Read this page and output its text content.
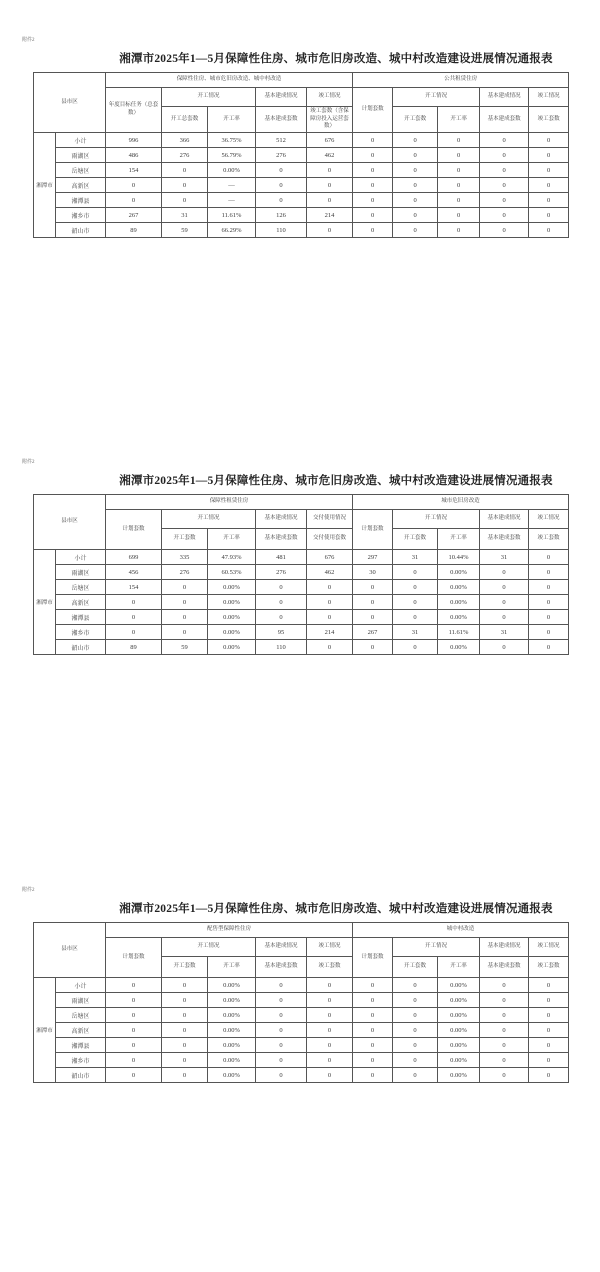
附件2
湘潭市2025年1—5月保障性住房、城市危旧房改造、城中村改造建设进展情况通报表
县市区		保障性住房、城市危旧房改造、城中村改造					公共租赁住房				
		年度目标任务（总套数）	开工情况		基本建成情况	竣工情况	计划套数	开工情况		基本建成情况	竣工情况
			开工总套数	开工率	基本建成套数	竣工套数（含保障房投入运营套数）		开工套数	开工率	基本建成套数	竣工套数
湘潭市	小计	996	366	36.75%	512	676	0	0	0	0	0
	雨湖区	486	276	56.79%	276	462	0	0	0	0	0
	岳塘区	154	0	0.00%	0	0	0	0	0	0	0
	高新区	0	0	—	0	0	0	0	0	0	0
	湘潭县	0	0	—	0	0	0	0	0	0	0
	湘乡市	267	31	11.61%	126	214	0	0	0	0	0
	韶山市	89	59	66.29%	110	0	0	0	0	0	0
附件2
湘潭市2025年1—5月保障性住房、城市危旧房改造、城中村改造建设进展情况通报表
县市区		保障性租赁住房					城市危旧房改造				
		计划套数	开工情况		基本建成情况	交付使用情况	计划套数	开工情况		基本建成情况	竣工情况
			开工套数	开工率	基本建成套数	交付使用套数		开工套数	开工率	基本建成套数	竣工套数
湘潭市	小计	699	335	47.93%	481	676	297	31	10.44%	31	0
	雨湖区	456	276	60.53%	276	462	30	0	0.00%	0	0
	岳塘区	154	0	0.00%	0	0	0	0	0.00%	0	0
	高新区	0	0	0.00%	0	0	0	0	0.00%	0	0
	湘潭县	0	0	0.00%	0	0	0	0	0.00%	0	0
	湘乡市	0	0	0.00%	95	214	267	31	11.61%	31	0
	韶山市	89	59	0.00%	110	0	0	0	0.00%	0	0
附件2
湘潭市2025年1—5月保障性住房、城市危旧房改造、城中村改造建设进展情况通报表
县市区		配售型保障性住房					城中村改造				
		计划套数	开工情况		基本建成情况	竣工情况	计划套数	开工情况		基本建成情况	竣工情况
			开工套数	开工率	基本建成套数	竣工套数		开工套数	开工率	基本建成套数	竣工套数
湘潭市	小计	0	0	0.00%	0	0	0	0	0.00%	0	0
	雨湖区	0	0	0.00%	0	0	0	0	0.00%	0	0
	岳塘区	0	0	0.00%	0	0	0	0	0.00%	0	0
	高新区	0	0	0.00%	0	0	0	0	0.00%	0	0
	湘潭县	0	0	0.00%	0	0	0	0	0.00%	0	0
	湘乡市	0	0	0.00%	0	0	0	0	0.00%	0	0
	韶山市	0	0	0.00%	0	0	0	0	0.00%	0	0
